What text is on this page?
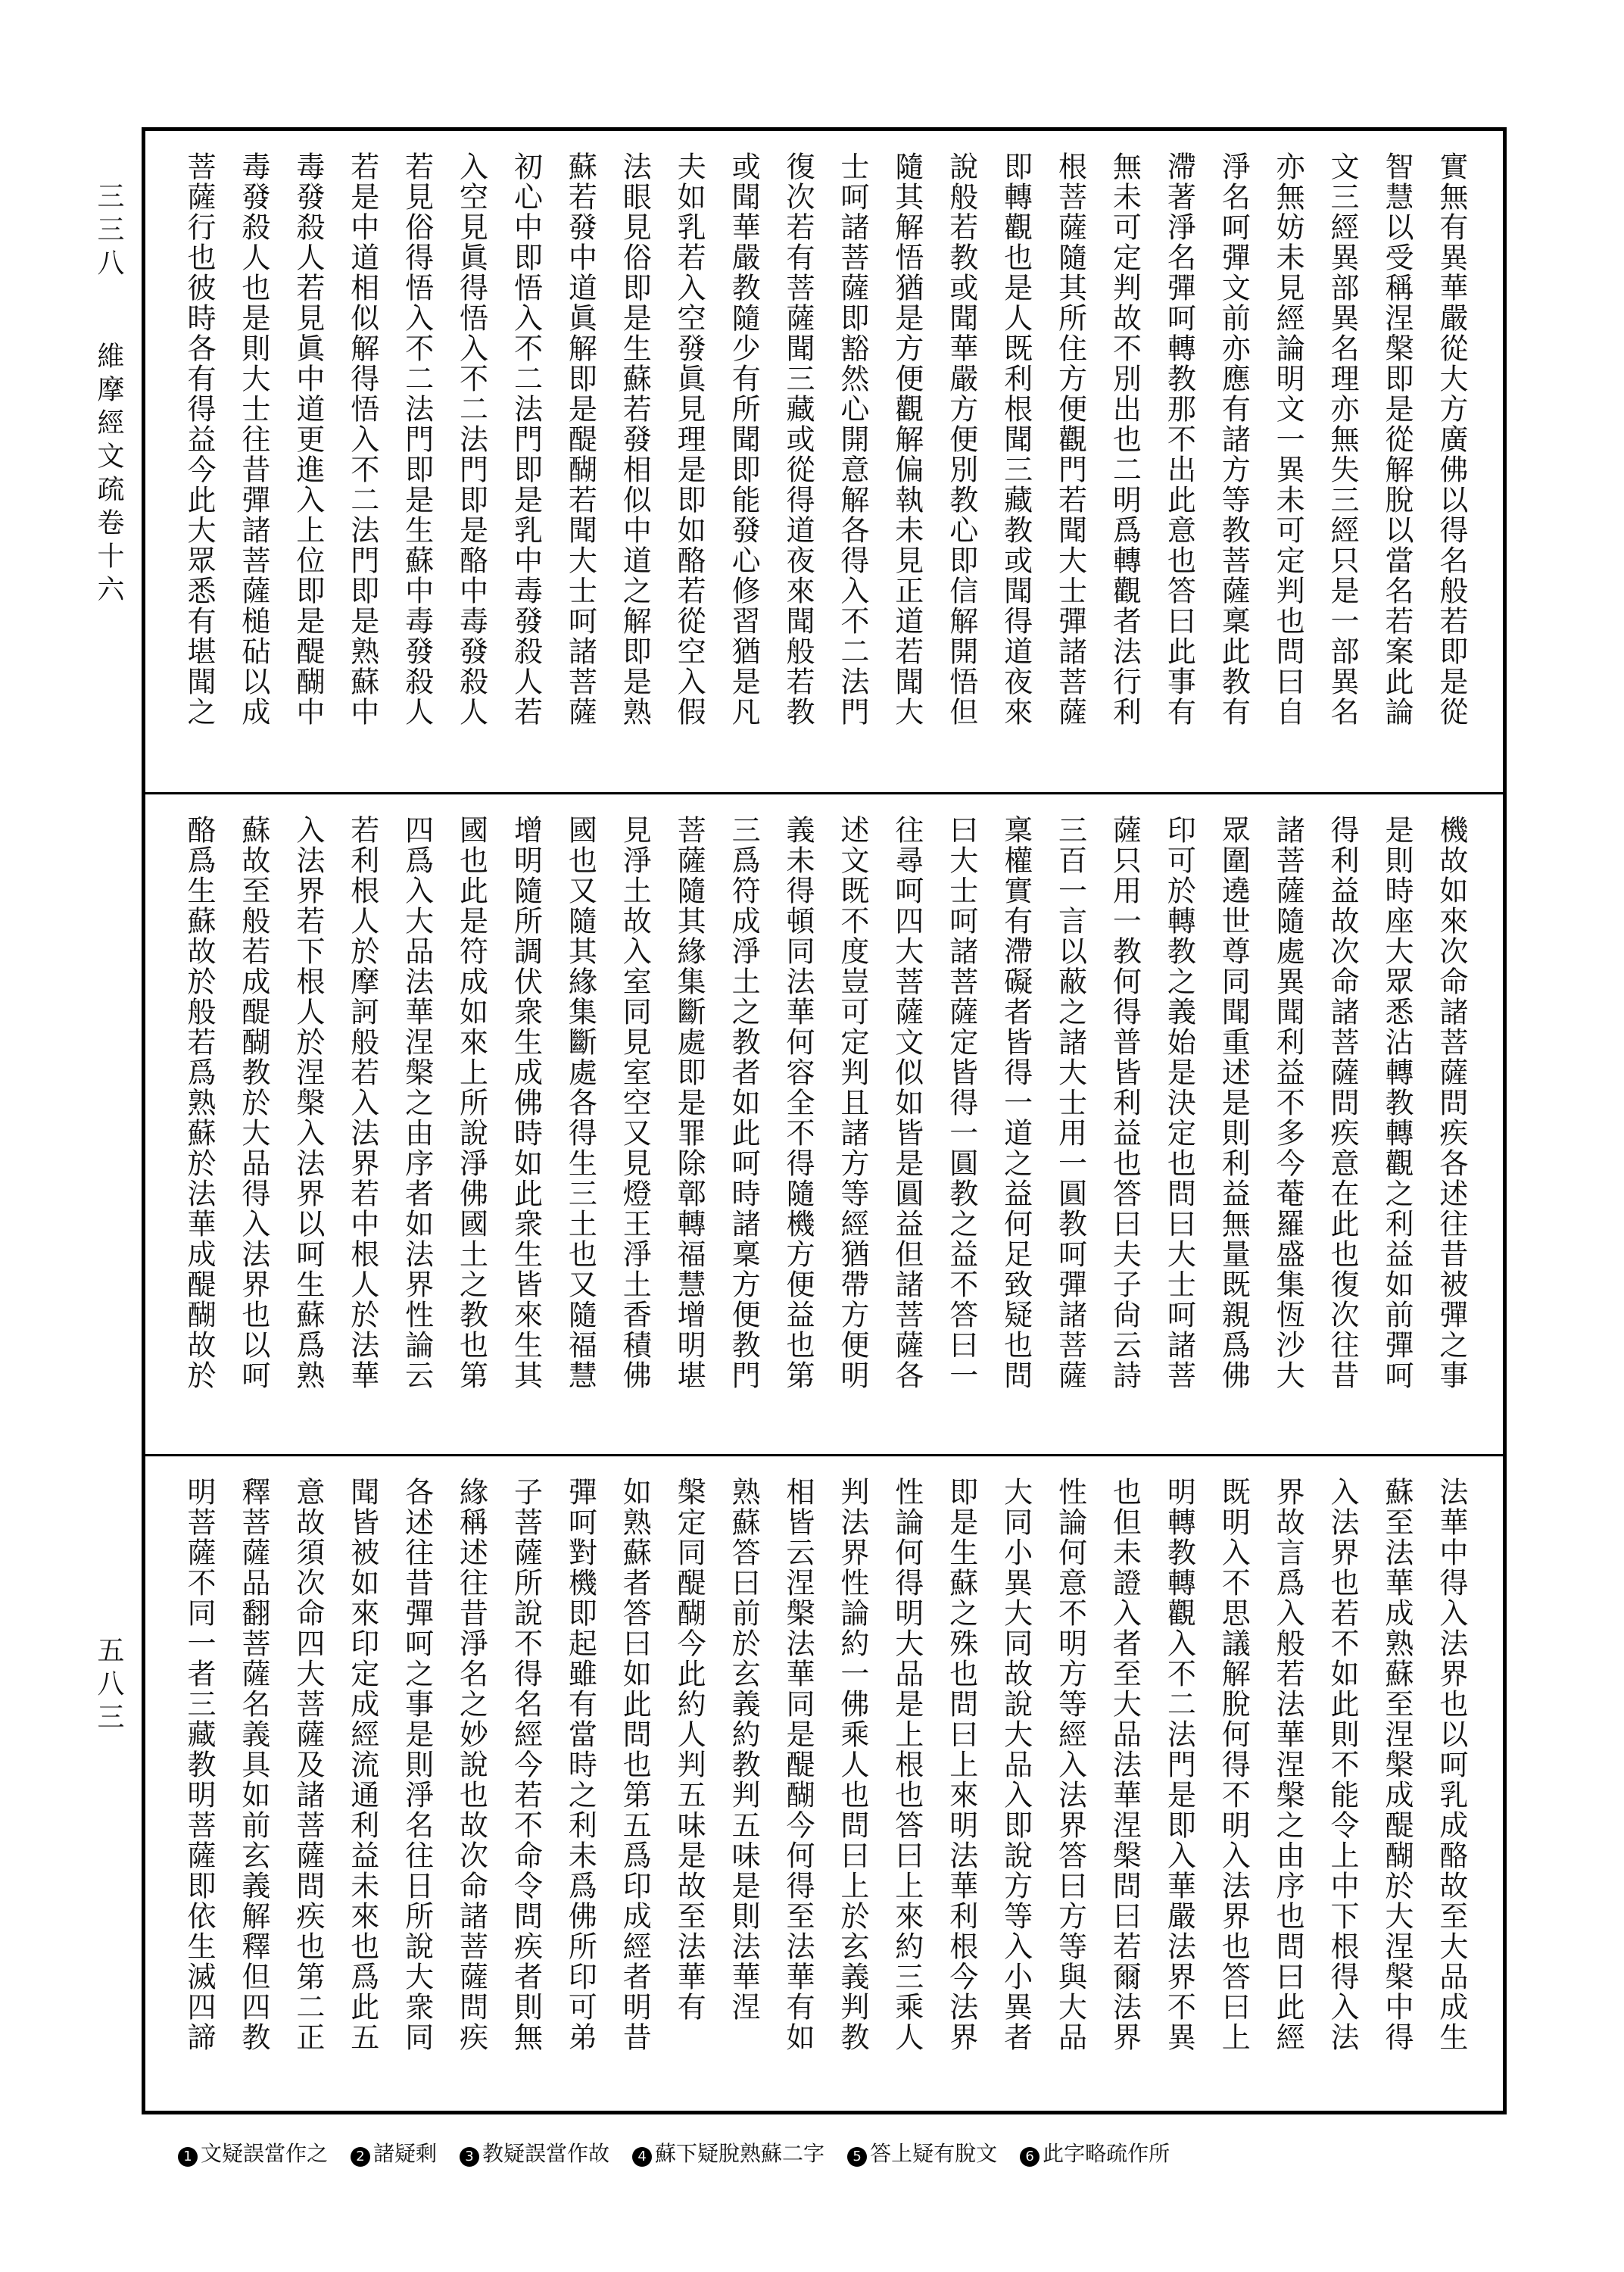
三三八  維摩經文疏卷十六
五八三
實無有異華嚴從大方廣佛以得名般若即是從
智慧以受稱涅槃即是從解脫以當名若案此論
文三經異部異名理亦無失三經只是一部異名
亦無妨未見經論明文一異未可定判也問曰自
淨名呵彈文前亦應有諸方等教菩薩稟此教有
滯著淨名彈呵轉教那不出此意也答曰此事有
無未可定判故不別出也二明爲轉觀者法行利
根菩薩隨其所住方便觀門若聞大士彈諸菩薩
即轉觀也是人既利根聞三藏教或聞得道夜來
說般若教或聞華嚴方便別教心即信解開悟但
隨其解悟猶是方便觀解偏執未見正道若聞大
士呵諸菩薩即豁然心開意解各得入不二法門
復次若有菩薩聞三藏或從得道夜來聞般若教
或聞華嚴教隨少有所聞即能發心修習猶是凡
夫如乳若入空發眞見理是即如酪若從空入假
法眼見俗即是生蘇若發相似中道之解即是熟
蘇若發中道眞解即是醍醐若聞大士呵諸菩薩
初心中即悟入不二法門即是乳中毒發殺人若
入空見眞得悟入不二法門即是酪中毒發殺人
若見俗得悟入不二法門即是生蘇中毒發殺人
若是中道相似解得悟入不二法門即是熟蘇中
毒發殺人若見眞中道更進入上位即是醍醐中
毒發殺人也是則大士往昔彈諸菩薩槌砧以成
菩薩行也彼時各有得益今此大眾悉有堪聞之
機故如來次命諸菩薩問疾各述往昔被彈之事
是則時座大眾悉沾轉教轉觀之利益如前彈呵
得利益故次命諸菩薩問疾意在此也復次往昔
諸菩薩隨處異聞利益不多今菴羅盛集恆沙大
眾圍遶世尊同聞重述是則利益無量既親爲佛
印可於轉教之義始是決定也問曰大士呵諸菩
薩只用一教何得普皆利益也答曰夫子尙云詩
三百一言以蔽之諸大士用一圓教呵彈諸菩薩
稟權實有滯礙者皆得一道之益何足致疑也問
曰大士呵諸菩薩定皆得一圓教之益不答曰一
往尋呵四大菩薩文似如皆是圓益但諸菩薩各
述文既不度豈可定判且諸方等經猶帶方便明
義未得頓同法華何容全不得隨機方便益也第
三爲符成淨土之教者如此呵時諸稟方便教門
菩薩隨其緣集斷處即是罪除鄣轉福慧增明堪
見淨土故入室同見室空又見燈王淨土香積佛
國也又隨其緣集斷處各得生三土也又隨福慧
增明隨所調伏衆生成佛時如此衆生皆來生其
國也此是符成如來上所說淨佛國土之教也第
四爲入大品法華涅槃之由序者如法界性論云
若利根人於摩訶般若入法界若中根人於法華
入法界若下根人於涅槃入法界以呵生蘇爲熟
蘇故至般若成醍醐教於大品得入法界也以呵
酪爲生蘇故於般若爲熟蘇於法華成醍醐故於
法華中得入法界也以呵乳成酪故至大品成生
蘇至法華成熟蘇至涅槃成醍醐於大涅槃中得
入法界也若不如此則不能令上中下根得入法
界故言爲入般若法華涅槃之由序也問曰此經
既明入不思議解脫何得不明入法界也答曰上
明轉教轉觀入不二法門是即入華嚴法界不異
也但未證入者至大品法華涅槃問曰若爾法界
性論何意不明方等經入法界答曰方等與大品
大同小異大同故說大品入即說方等入小異者
即是生蘇之殊也問曰上來明法華利根今法界
性論何得明大品是上根也答曰上來約三乘人
判法界性論約一佛乘人也問曰上於玄義判教
相皆云涅槃法華同是醍醐今何得至法華有如
熟蘇答曰前於玄義約教判五味是則法華涅
槃定同醍醐今此約人判五味是故至法華有
如熟蘇者答曰如此問也第五爲印成經者明昔
彈呵對機即起雖有當時之利未爲佛所印可弟
子菩薩所說不得名經今若不命令問疾者則無
緣稱述往昔淨名之妙說也故次命諸菩薩問疾
各述往昔彈呵之事是則淨名往日所說大衆同
聞皆被如來印定成經流通利益未來也爲此五
意故須次命四大菩薩及諸菩薩問疾也第二正
釋菩薩品翻菩薩名義具如前玄義解釋但四教
明菩薩不同一者三藏教明菩薩即依生滅四諦
1 文疑誤當作之	2 諸疑剩	3 教疑誤當作故	4 蘇下疑脫熟蘇二字	5 答上疑有脫文	6 此字略疏作所
